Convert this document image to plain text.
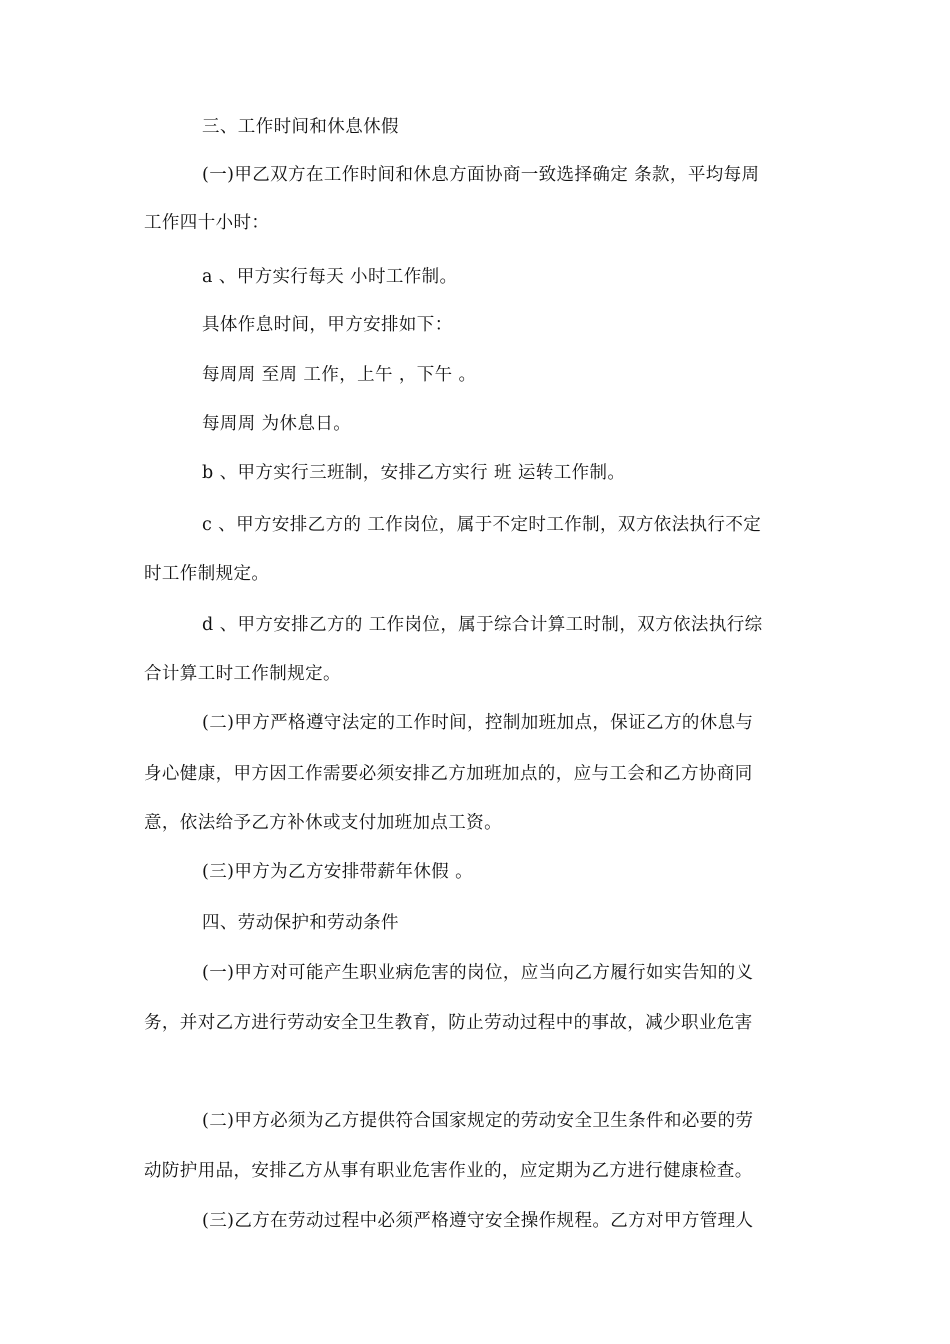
三、工作时间和休息休假
(一)甲乙双方在工作时间和休息方面协商一致选择确定 条款，平均每周
工作四十小时：
a 、甲方实行每天 小时工作制。
具体作息时间，甲方安排如下：
每周周 至周 工作，上午 ，下午 。
每周周 为休息日。
b 、甲方实行三班制，安排乙方实行 班 运转工作制。
c 、甲方安排乙方的 工作岗位，属于不定时工作制，双方依法执行不定
时工作制规定。
d 、甲方安排乙方的 工作岗位，属于综合计算工时制，双方依法执行综
合计算工时工作制规定。
(二)甲方严格遵守法定的工作时间，控制加班加点，保证乙方的休息与
身心健康，甲方因工作需要必须安排乙方加班加点的，应与工会和乙方协商同
意，依法给予乙方补休或支付加班加点工资。
(三)甲方为乙方安排带薪年休假 。
四、劳动保护和劳动条件
(一)甲方对可能产生职业病危害的岗位，应当向乙方履行如实告知的义
务，并对乙方进行劳动安全卫生教育，防止劳动过程中的事故，减少职业危害
(二)甲方必须为乙方提供符合国家规定的劳动安全卫生条件和必要的劳
动防护用品，安排乙方从事有职业危害作业的，应定期为乙方进行健康检查。
(三)乙方在劳动过程中必须严格遵守安全操作规程。乙方对甲方管理人
